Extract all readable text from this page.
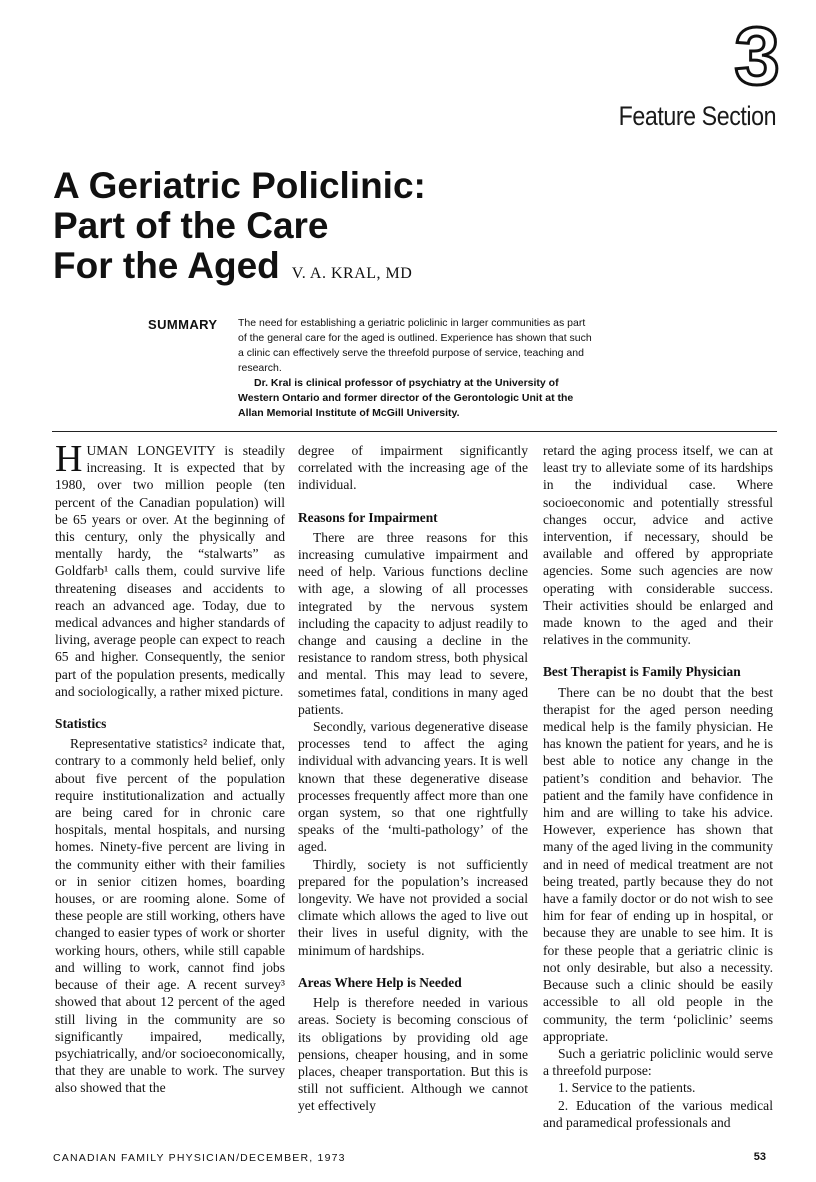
3
Feature Section
A Geriatric Policlinic:
Part of the Care
For the Aged V. A. KRAL, MD
SUMMARY The need for establishing a geriatric policlinic in larger communities as part of the general care for the aged is outlined. Experience has shown that such a clinic can effectively serve the threefold purpose of service, teaching and research.

Dr. Kral is clinical professor of psychiatry at the University of Western Ontario and former director of the Gerontologic Unit at the Allan Memorial Institute of McGill University.

HUMAN LONGEVITY is steadily increasing. It is expected that by 1980, over two million people (ten percent of the Canadian population) will be 65 years or over. At the beginning of this century, only the physically and mentally hardy, the “stalwarts” as Goldfarb¹ calls them, could survive life threatening diseases and accidents to reach an advanced age. Today, due to medical advances and higher standards of living, average people can expect to reach 65 and higher. Consequently, the senior part of the population presents, medically and sociologically, a rather mixed picture.

Statistics

Representative statistics² indicate that, contrary to a commonly held belief, only about five percent of the population require institutionalization and actually are being cared for in chronic care hospitals, mental hospitals, and nursing homes. Ninety-five percent are living in the community either with their families or in senior citizen homes, boarding houses, or are rooming alone. Some of these people are still working, others have changed to easier types of work or shorter working hours, others, while still capable and willing to work, cannot find jobs because of their age. A recent survey³ showed that about 12 percent of the aged still living in the community are so significantly impaired, medically, psychiatrically, and/or socioeconomically, that they are unable to work. The survey also showed that the

degree of impairment significantly correlated with the increasing age of the individual.

Reasons for Impairment

There are three reasons for this increasing cumulative impairment and need of help. Various functions decline with age, a slowing of all processes integrated by the nervous system including the capacity to adjust readily to change and causing a decline in the resistance to random stress, both physical and mental. This may lead to severe, sometimes fatal, conditions in many aged patients.

Secondly, various degenerative disease processes tend to affect the aging individual with advancing years. It is well known that these degenerative disease processes frequently affect more than one organ system, so that one rightfully speaks of the ‘multi-pathology’ of the aged.

Thirdly, society is not sufficiently prepared for the population’s increased longevity. We have not provided a social climate which allows the aged to live out their lives in useful dignity, with the minimum of hardships.

Areas Where Help is Needed

Help is therefore needed in various areas. Society is becoming conscious of its obligations by providing old age pensions, cheaper housing, and in some places, cheaper transportation. But this is still not sufficient. Although we cannot yet effectively

retard the aging process itself, we can at least try to alleviate some of its hardships in the individual case. Where socioeconomic and potentially stressful changes occur, advice and active intervention, if necessary, should be available and offered by appropriate agencies. Some such agencies are now operating with considerable success. Their activities should be enlarged and made known to the aged and their relatives in the community.

Best Therapist is Family Physician

There can be no doubt that the best therapist for the aged person needing medical help is the family physician. He has known the patient for years, and he is best able to notice any change in the patient’s condition and behavior. The patient and the family have confidence in him and are willing to take his advice. However, experience has shown that many of the aged living in the community and in need of medical treatment are not being treated, partly because they do not have a family doctor or do not wish to see him for fear of ending up in hospital, or because they are unable to see him. It is for these people that a geriatric clinic is not only desirable, but also a necessity. Because such a clinic should be easily accessible to all old people in the community, the term ‘policlinic’ seems appropriate.

Such a geriatric policlinic would serve a threefold purpose:

1. Service to the patients.

2. Education of the various medical and paramedical professionals and

CANADIAN FAMILY PHYSICIAN/DECEMBER, 1973	53
